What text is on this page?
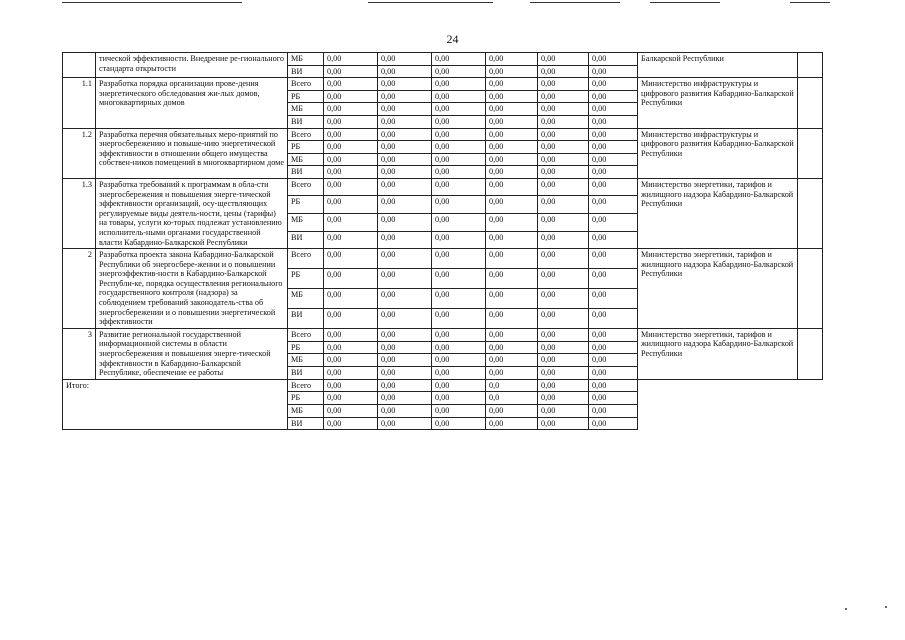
24
	тической эффективности. Внедрение ре-гионального стандарта открытости	МБ	0,00	0,00	0,00	0,00	0,00	0,00	Балкарской Республики	
		ВИ	0,00	0,00	0,00	0,00	0,00	0,00		
1.1	Разработка порядка организации прове-дения энергетического обследования жи-лых домов, многоквартирных домов	Всего	0,00	0,00	0,00	0,00	0,00	0,00	Министерство инфраструктуры и цифрового развития Кабардино-Балкарской Республики	
		РБ	0,00	0,00	0,00	0,00	0,00	0,00		
		МБ	0,00	0,00	0,00	0,00	0,00	0,00		
		ВИ	0,00	0,00	0,00	0,00	0,00	0,00		
1.2	Разработка перечня обязательных меро-приятий по энергосбережению и повыше-нию энергетической эффективности в отношении общего имущества собствен-ников помещений в многоквартирном доме	Всего	0,00	0,00	0,00	0,00	0,00	0,00	Министерство инфраструктуры и цифрового развития Кабардино-Балкарской Республики	
		РБ	0,00	0,00	0,00	0,00	0,00	0,00		
		МБ	0,00	0,00	0,00	0,00	0,00	0,00		
		ВИ	0,00	0,00	0,00	0,00	0,00	0,00		
1.3	Разработка требований к программам в обла-сти энергосбережения и повышения энерге-тической эффективности организаций, осу-ществляющих регулируемые виды деятель-ности, цены (тарифы) на товары, услуги ко-торых подлежат установлению исполнитель-ными органами государственной власти Кабардино-Балкарской Республики	Всего	0,00	0,00	0,00	0,00	0,00	0,00	Министерство энергетики, тарифов и жилищного надзора Кабардино-Балкарской Республики	
		РБ	0,00	0,00	0,00	0,00	0,00	0,00		
		МБ	0,00	0,00	0,00	0,00	0,00	0,00		
		ВИ	0,00	0,00	0,00	0,00	0,00	0,00		
2	Разработка проекта закона Кабардино-Балкарской Республики об энергосбере-жении и о повышении энергоэффектив-ности в Кабардино-Балкарской Республи-ке, порядка осуществления регионального государственного контроля (надзора) за соблюдением требований законодатель-ства об энергосбережении и о повышении энергетической эффективности	Всего	0,00	0,00	0,00	0,00	0,00	0,00	Министерство энергетики, тарифов и жилищного надзора Кабардино-Балкарской Республики	
		РБ	0,00	0,00	0,00	0,00	0,00	0,00		
		МБ	0,00	0,00	0,00	0,00	0,00	0,00		
		ВИ	0,00	0,00	0,00	0,00	0,00	0,00		
3	Развитие региональной государственной информационной системы в области энергосбережения и повышения энерге-тической эффективности в Кабардино-Балкарской Республике, обеспечение ее работы	Всего	0,00	0,00	0,00	0,00	0,00	0,00	Министерство энергетики, тарифов и жилищного надзора Кабардино-Балкарской Республики	
		РБ	0,00	0,00	0,00	0,00	0,00	0,00		
		МБ	0,00	0,00	0,00	0,00	0,00	0,00		
		ВИ	0,00	0,00	0,00	0,00	0,00	0,00		
Итого:		Всего	0,00	0,00	0,00	0,0	0,00	0,00		
		РБ	0,00	0,00	0,00	0,0	0,00	0,00		
		МБ	0,00	0,00	0,00	0,00	0,00	0,00		
		ВИ	0,00	0,00	0,00	0,00	0,00	0,00		
